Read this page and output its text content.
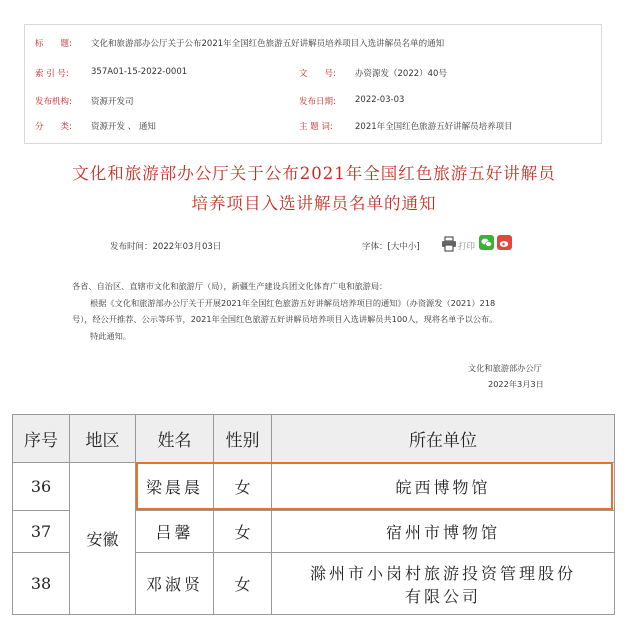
标　　题: 文化和旅游部办公厅关于公布2021年全国红色旅游五好讲解员培养项目入选讲解员名单的通知
索 引 号:	357A01-15-2022-0001	文　　号: 办资源发（2022）40号
发布机构: 资源开发司	发布日期: 2022-03-03
分　　类: 资源开发 、 通知	主 题 词:	2021年全国红色旅游五好讲解员培养项目
文化和旅游部办公厅关于公布2021年全国红色旅游五好讲解员
培养项目入选讲解员名单的通知
发布时间：2022年03月03日	字体：[大中小]	打印
各省、自治区、直辖市文化和旅游厅（局），新疆生产建设兵团文化体育广电和旅游局：
根据《文化和旅游部办公厅关于开展2021年全国红色旅游五好讲解员培养项目的通知》（办资源发（2021）218
号），经公开推荐、公示等环节，2021年全国红色旅游五好讲解员培养项目入选讲解员共100人，现将名单予以公布。
特此通知。
文化和旅游部办公厅
2022年3月3日
序号	地区	姓名	性别	所在单位
36	安徽	梁晨晨	女	皖西博物馆
37		吕馨	女	宿州市博物馆
38		邓淑贤	女	滁州市小岗村旅游投资管理股份
有限公司
